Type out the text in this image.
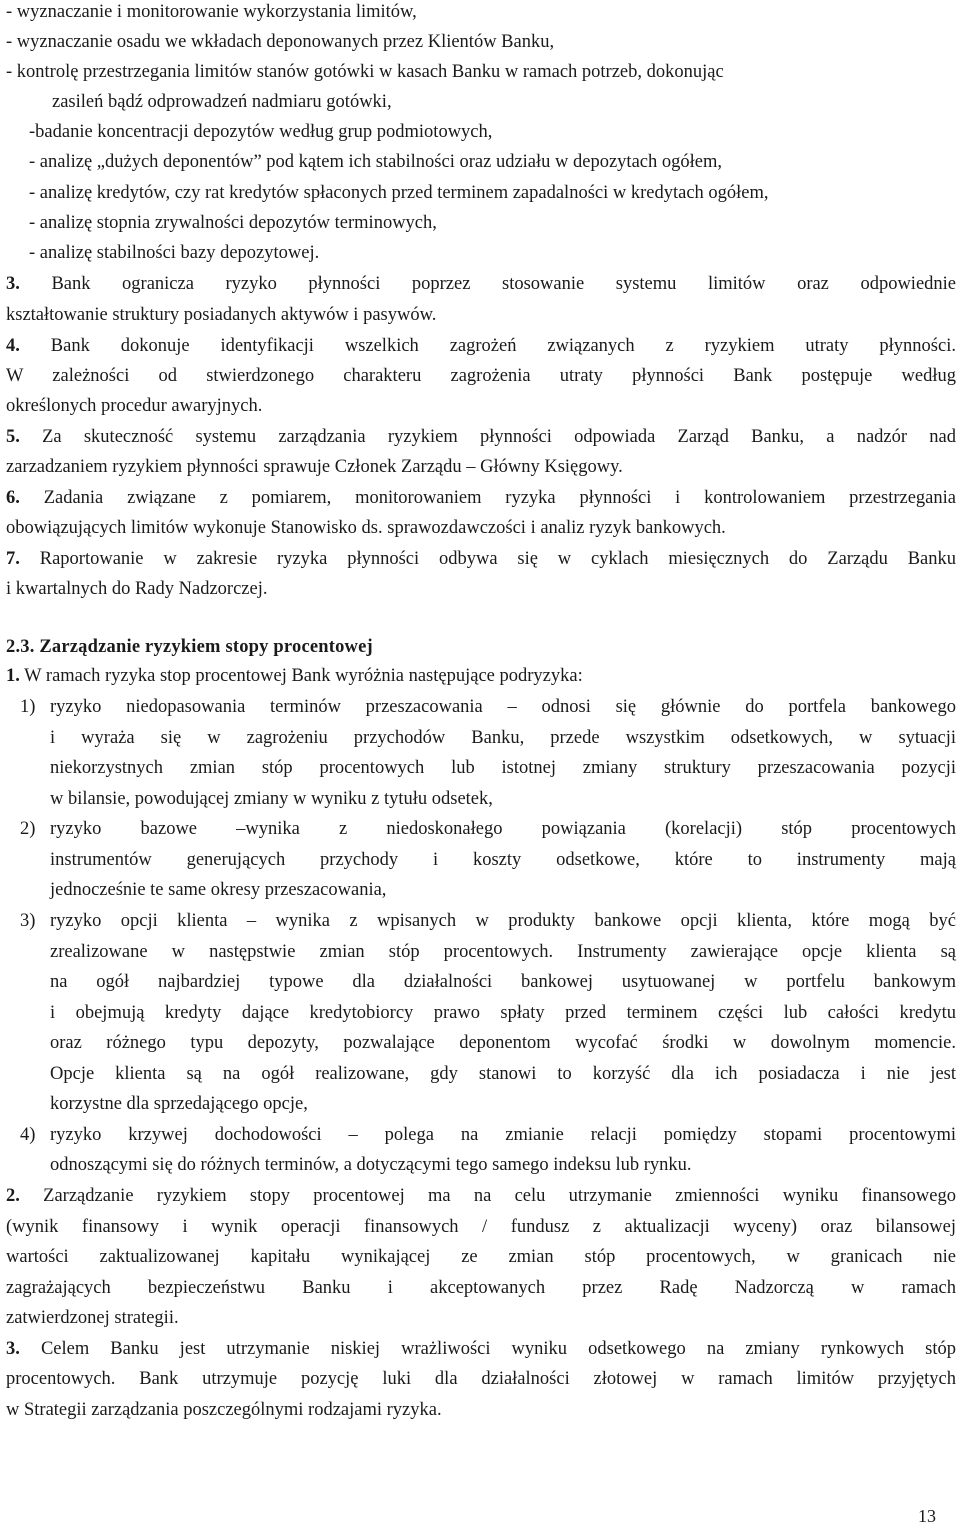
- wyznaczanie i monitorowanie wykorzystania limitów,
- wyznaczanie osadu we wkładach deponowanych przez Klientów Banku,
- kontrolę przestrzegania limitów stanów gotówki w kasach Banku w ramach potrzeb, dokonując
zasileń bądź odprowadzeń nadmiaru gotówki,
-badanie koncentracji depozytów według grup podmiotowych,
- analizę „dużych deponentów” pod kątem ich stabilności oraz udziału w depozytach ogółem,
- analizę kredytów, czy rat kredytów spłaconych przed terminem zapadalności w kredytach ogółem,
- analizę stopnia zrywalności depozytów terminowych,
- analizę stabilności bazy depozytowej.
3. Bank ogranicza ryzyko płynności poprzez stosowanie systemu limitów oraz odpowiednie
kształtowanie struktury posiadanych aktywów i pasywów.
4. Bank dokonuje identyfikacji wszelkich zagrożeń związanych z ryzykiem utraty płynności.
W zależności od stwierdzonego charakteru zagrożenia utraty płynności Bank postępuje według
określonych procedur awaryjnych.
5. Za skuteczność systemu zarządzania ryzykiem płynności odpowiada Zarząd Banku, a nadzór nad
zarzadzaniem ryzykiem płynności sprawuje Członek Zarządu – Główny Księgowy.
6. Zadania związane z pomiarem, monitorowaniem ryzyka płynności i kontrolowaniem przestrzegania
obowiązujących limitów wykonuje Stanowisko ds. sprawozdawczości i analiz ryzyk bankowych.
7. Raportowanie w zakresie ryzyka płynności odbywa się w cyklach miesięcznych do Zarządu Banku
i kwartalnych do Rady Nadzorczej.
2.3. Zarządzanie ryzykiem stopy procentowej
1. W ramach ryzyka stop procentowej Bank wyróżnia następujące podryzyka:
1) ryzyko niedopasowania terminów przeszacowania – odnosi się głównie do portfela bankowego
i wyraża się w zagrożeniu przychodów Banku, przede wszystkim odsetkowych, w sytuacji
niekorzystnych zmian stóp procentowych lub istotnej zmiany struktury przeszacowania pozycji
w bilansie, powodującej zmiany w wyniku z tytułu odsetek,
2) ryzyko bazowe –wynika z niedoskonałego powiązania (korelacji) stóp procentowych
instrumentów generujących przychody i koszty odsetkowe, które to instrumenty mają
jednocześnie te same okresy przeszacowania,
3) ryzyko opcji klienta – wynika z wpisanych w produkty bankowe opcji klienta, które mogą być
zrealizowane w następstwie zmian stóp procentowych. Instrumenty zawierające opcje klienta są
na ogół najbardziej typowe dla działalności bankowej usytuowanej w portfelu bankowym
i obejmują kredyty dające kredytobiorcy prawo spłaty przed terminem części lub całości kredytu
oraz różnego typu depozyty, pozwalające deponentom wycofać środki w dowolnym momencie.
Opcje klienta są na ogół realizowane, gdy stanowi to korzyść dla ich posiadacza i nie jest
korzystne dla sprzedającego opcje,
4) ryzyko krzywej dochodowości – polega na zmianie relacji pomiędzy stopami procentowymi
odnoszącymi się do różnych terminów, a dotyczącymi tego samego indeksu lub rynku.
2. Zarządzanie ryzykiem stopy procentowej ma na celu utrzymanie zmienności wyniku finansowego
(wynik finansowy i wynik operacji finansowych / fundusz z aktualizacji wyceny) oraz bilansowej
wartości zaktualizowanej kapitału wynikającej ze zmian stóp procentowych, w granicach nie
zagrażających bezpieczeństwu Banku i akceptowanych przez Radę Nadzorczą w ramach
zatwierdzonej strategii.
3. Celem Banku jest utrzymanie niskiej wrażliwości wyniku odsetkowego na zmiany rynkowych stóp
procentowych. Bank utrzymuje pozycję luki dla działalności złotowej w ramach limitów przyjętych
w Strategii zarządzania poszczególnymi rodzajami ryzyka.
13
